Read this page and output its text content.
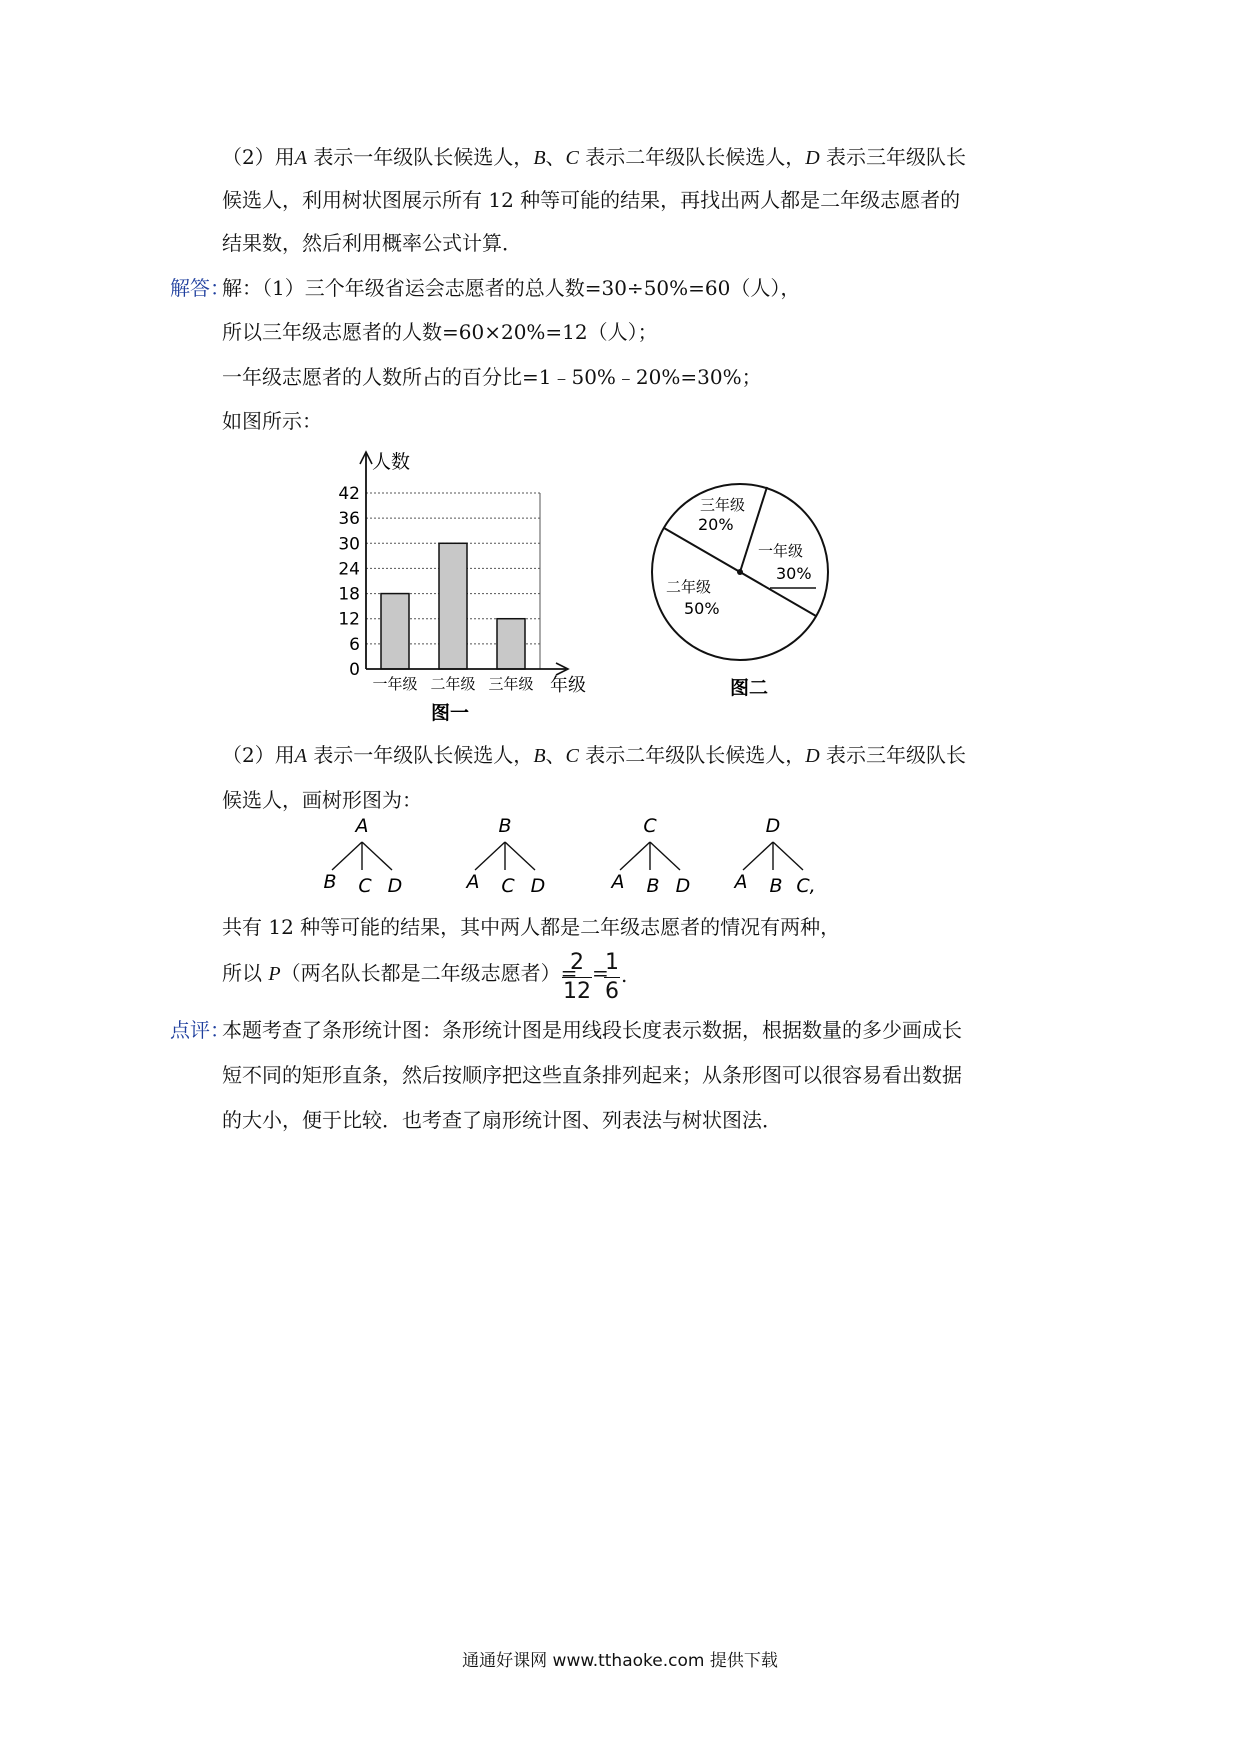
（2）用A 表示一年级队长候选人，B、C 表示二年级队长候选人，D 表示三年级队长
候选人，利用树状图展示所有 12 种等可能的结果，再找出两人都是二年级志愿者的
结果数，然后利用概率公式计算．
解答：
解：（1）三个年级省运会志愿者的总人数=30÷50%=60（人），
所以三年级志愿者的人数=60×20%=12（人）；
一年级志愿者的人数所占的百分比=1﹣50%﹣20%=30%；
如图所示：
0
6
12
18
24
30
36
42
一年级 二年级 三年级
人数
年级
图一
三年级
20%
一年级
30%
二年级
50%
图二
（2）用A 表示一年级队长候选人，B、C 表示二年级队长候选人，D 表示三年级队长
候选人，画树形图为：
A
B C D
B
A C D
C
A B D
D
A B C,
共有 12 种等可能的结果，其中两人都是二年级志愿者的情况有两种，
所以 P（两名队长都是二年级志愿者）=
2
12
=
1
6
.
点评：
本题考查了条形统计图：条形统计图是用线段长度表示数据，根据数量的多少画成长
短不同的矩形直条，然后按顺序把这些直条排列起来；从条形图可以很容易看出数据
的大小，便于比较．也考查了扇形统计图、列表法与树状图法．
通通好课网 www.tthaoke.com 提供下载
